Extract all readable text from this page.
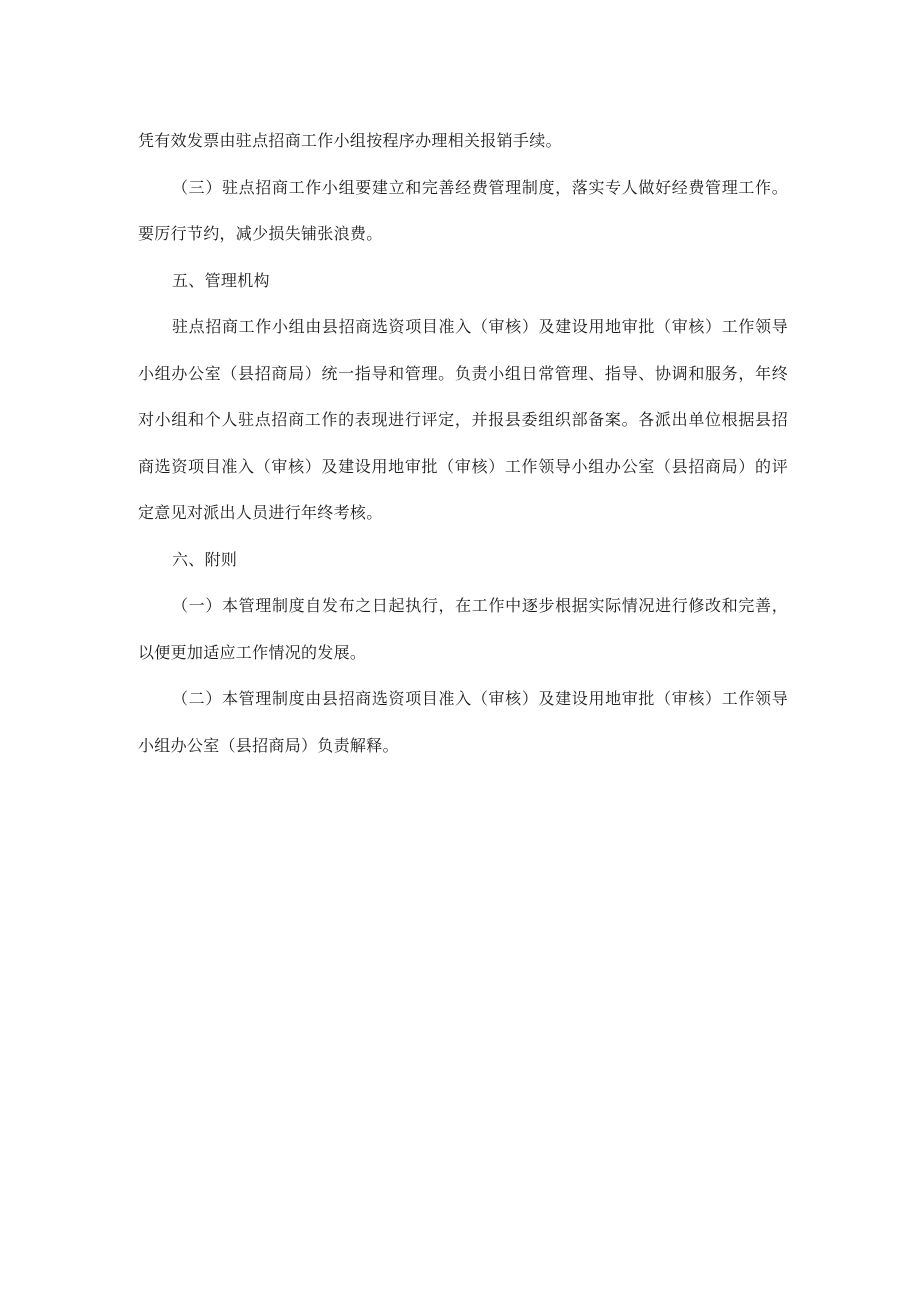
凭有效发票由驻点招商工作小组按程序办理相关报销手续。

（三）驻点招商工作小组要建立和完善经费管理制度，落实专人做好经费管理工作。要厉行节约，减少损失铺张浪费。

五、管理机构

驻点招商工作小组由县招商选资项目准入（审核）及建设用地审批（审核）工作领导小组办公室（县招商局）统一指导和管理。负责小组日常管理、指导、协调和服务，年终对小组和个人驻点招商工作的表现进行评定，并报县委组织部备案。各派出单位根据县招商选资项目准入（审核）及建设用地审批（审核）工作领导小组办公室（县招商局）的评定意见对派出人员进行年终考核。

六、附则

（一）本管理制度自发布之日起执行，在工作中逐步根据实际情况进行修改和完善，以便更加适应工作情况的发展。

（二）本管理制度由县招商选资项目准入（审核）及建设用地审批（审核）工作领导小组办公室（县招商局）负责解释。
